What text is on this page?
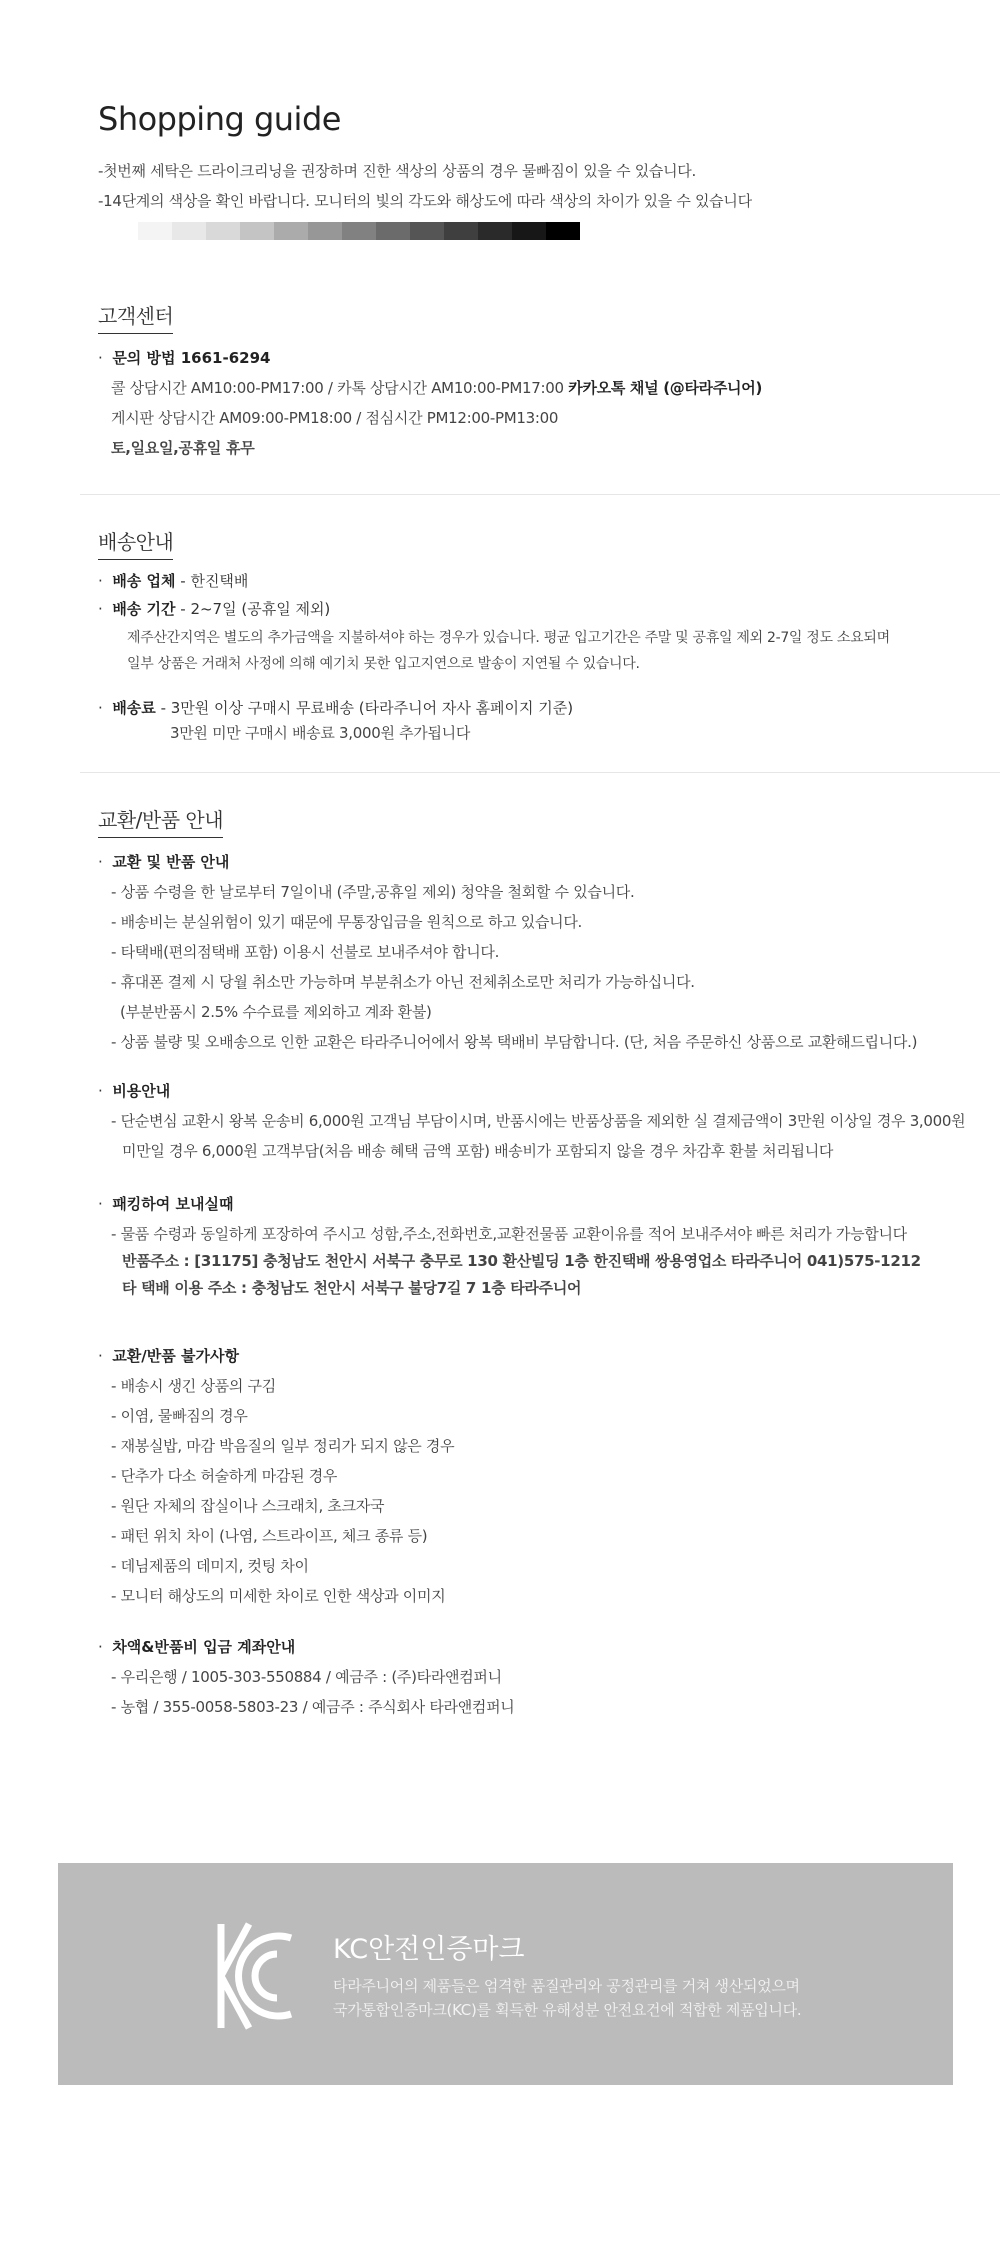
Shopping guide
-첫번째 세탁은 드라이크리닝을 권장하며 진한 색상의 상품의 경우 물빠짐이 있을 수 있습니다.
-14단계의 색상을 확인 바랍니다. 모니터의 빛의 각도와 해상도에 따라 색상의 차이가 있을 수 있습니다
고객센터
·  문의 방법 1661-6294
콜 상담시간 AM10:00-PM17:00 / 카톡 상담시간 AM10:00-PM17:00 카카오톡 채널 (@타라주니어)
게시판 상담시간 AM09:00-PM18:00 / 점심시간 PM12:00-PM13:00
토,일요일,공휴일 휴무
배송안내
·  배송 업체 - 한진택배
·  배송 기간 - 2~7일 (공휴일 제외)
제주산간지역은 별도의 추가금액을 지불하셔야 하는 경우가 있습니다. 평균 입고기간은 주말 및 공휴일 제외 2-7일 정도 소요되며
일부 상품은 거래처 사정에 의해 예기치 못한 입고지연으로 발송이 지연될 수 있습니다.
·  배송료 - 3만원 이상 구매시 무료배송 (타라주니어 자사 홈페이지 기준)
3만원 미만 구매시 배송료 3,000원 추가됩니다
교환/반품 안내
·  교환 및 반품 안내
- 상품 수령을 한 날로부터 7일이내 (주말,공휴일 제외) 청약을 철회할 수 있습니다.
- 배송비는 분실위험이 있기 때문에 무통장입금을 원칙으로 하고 있습니다.
- 타택배(편의점택배 포함) 이용시 선불로 보내주셔야 합니다.
- 휴대폰 결제 시 당월 취소만 가능하며 부분취소가 아닌 전체취소로만 처리가 가능하십니다.
(부분반품시 2.5% 수수료를 제외하고 계좌 환불)
- 상품 불량 및 오배송으로 인한 교환은 타라주니어에서 왕복 택배비 부담합니다. (단, 처음 주문하신 상품으로 교환해드립니다.)
·  비용안내
- 단순변심 교환시 왕복 운송비 6,000원 고객님 부담이시며, 반품시에는 반품상품을 제외한 실 결제금액이 3만원 이상일 경우 3,000원
미만일 경우 6,000원 고객부담(처음 배송 혜택 금액 포함) 배송비가 포함되지 않을 경우 차감후 환불 처리됩니다
·  패킹하여 보내실때
- 물품 수령과 동일하게 포장하여 주시고 성함,주소,전화번호,교환전물품 교환이유를 적어 보내주셔야 빠른 처리가 가능합니다
반품주소 : [31175] 충청남도 천안시 서북구 충무로 130 환산빌딩 1층 한진택배 쌍용영업소 타라주니어 041)575-1212
타 택배 이용 주소 : 충청남도 천안시 서북구 불당7길 7 1층 타라주니어
·  교환/반품 불가사항
- 배송시 생긴 상품의 구김
- 이염, 물빠짐의 경우
- 재봉실밥, 마감 박음질의 일부 정리가 되지 않은 경우
- 단추가 다소 허술하게 마감된 경우
- 원단 자체의 잡실이나 스크래치, 초크자국
- 패턴 위치 차이 (나염, 스트라이프, 체크 종류 등)
- 데님제품의 데미지, 컷팅 차이
- 모니터 해상도의 미세한 차이로 인한 색상과 이미지
·  차액&반품비 입금 계좌안내
- 우리은행 / 1005-303-550884 / 예금주 : (주)타라앤컴퍼니
- 농협 / 355-0058-5803-23 / 예금주 : 주식회사 타라앤컴퍼니
KC안전인증마크
타라주니어의 제품들은 엄격한 품질관리와 공정관리를 거쳐 생산되었으며
국가통합인증마크(KC)를 획득한 유해성분 안전요건에 적합한 제품입니다.
